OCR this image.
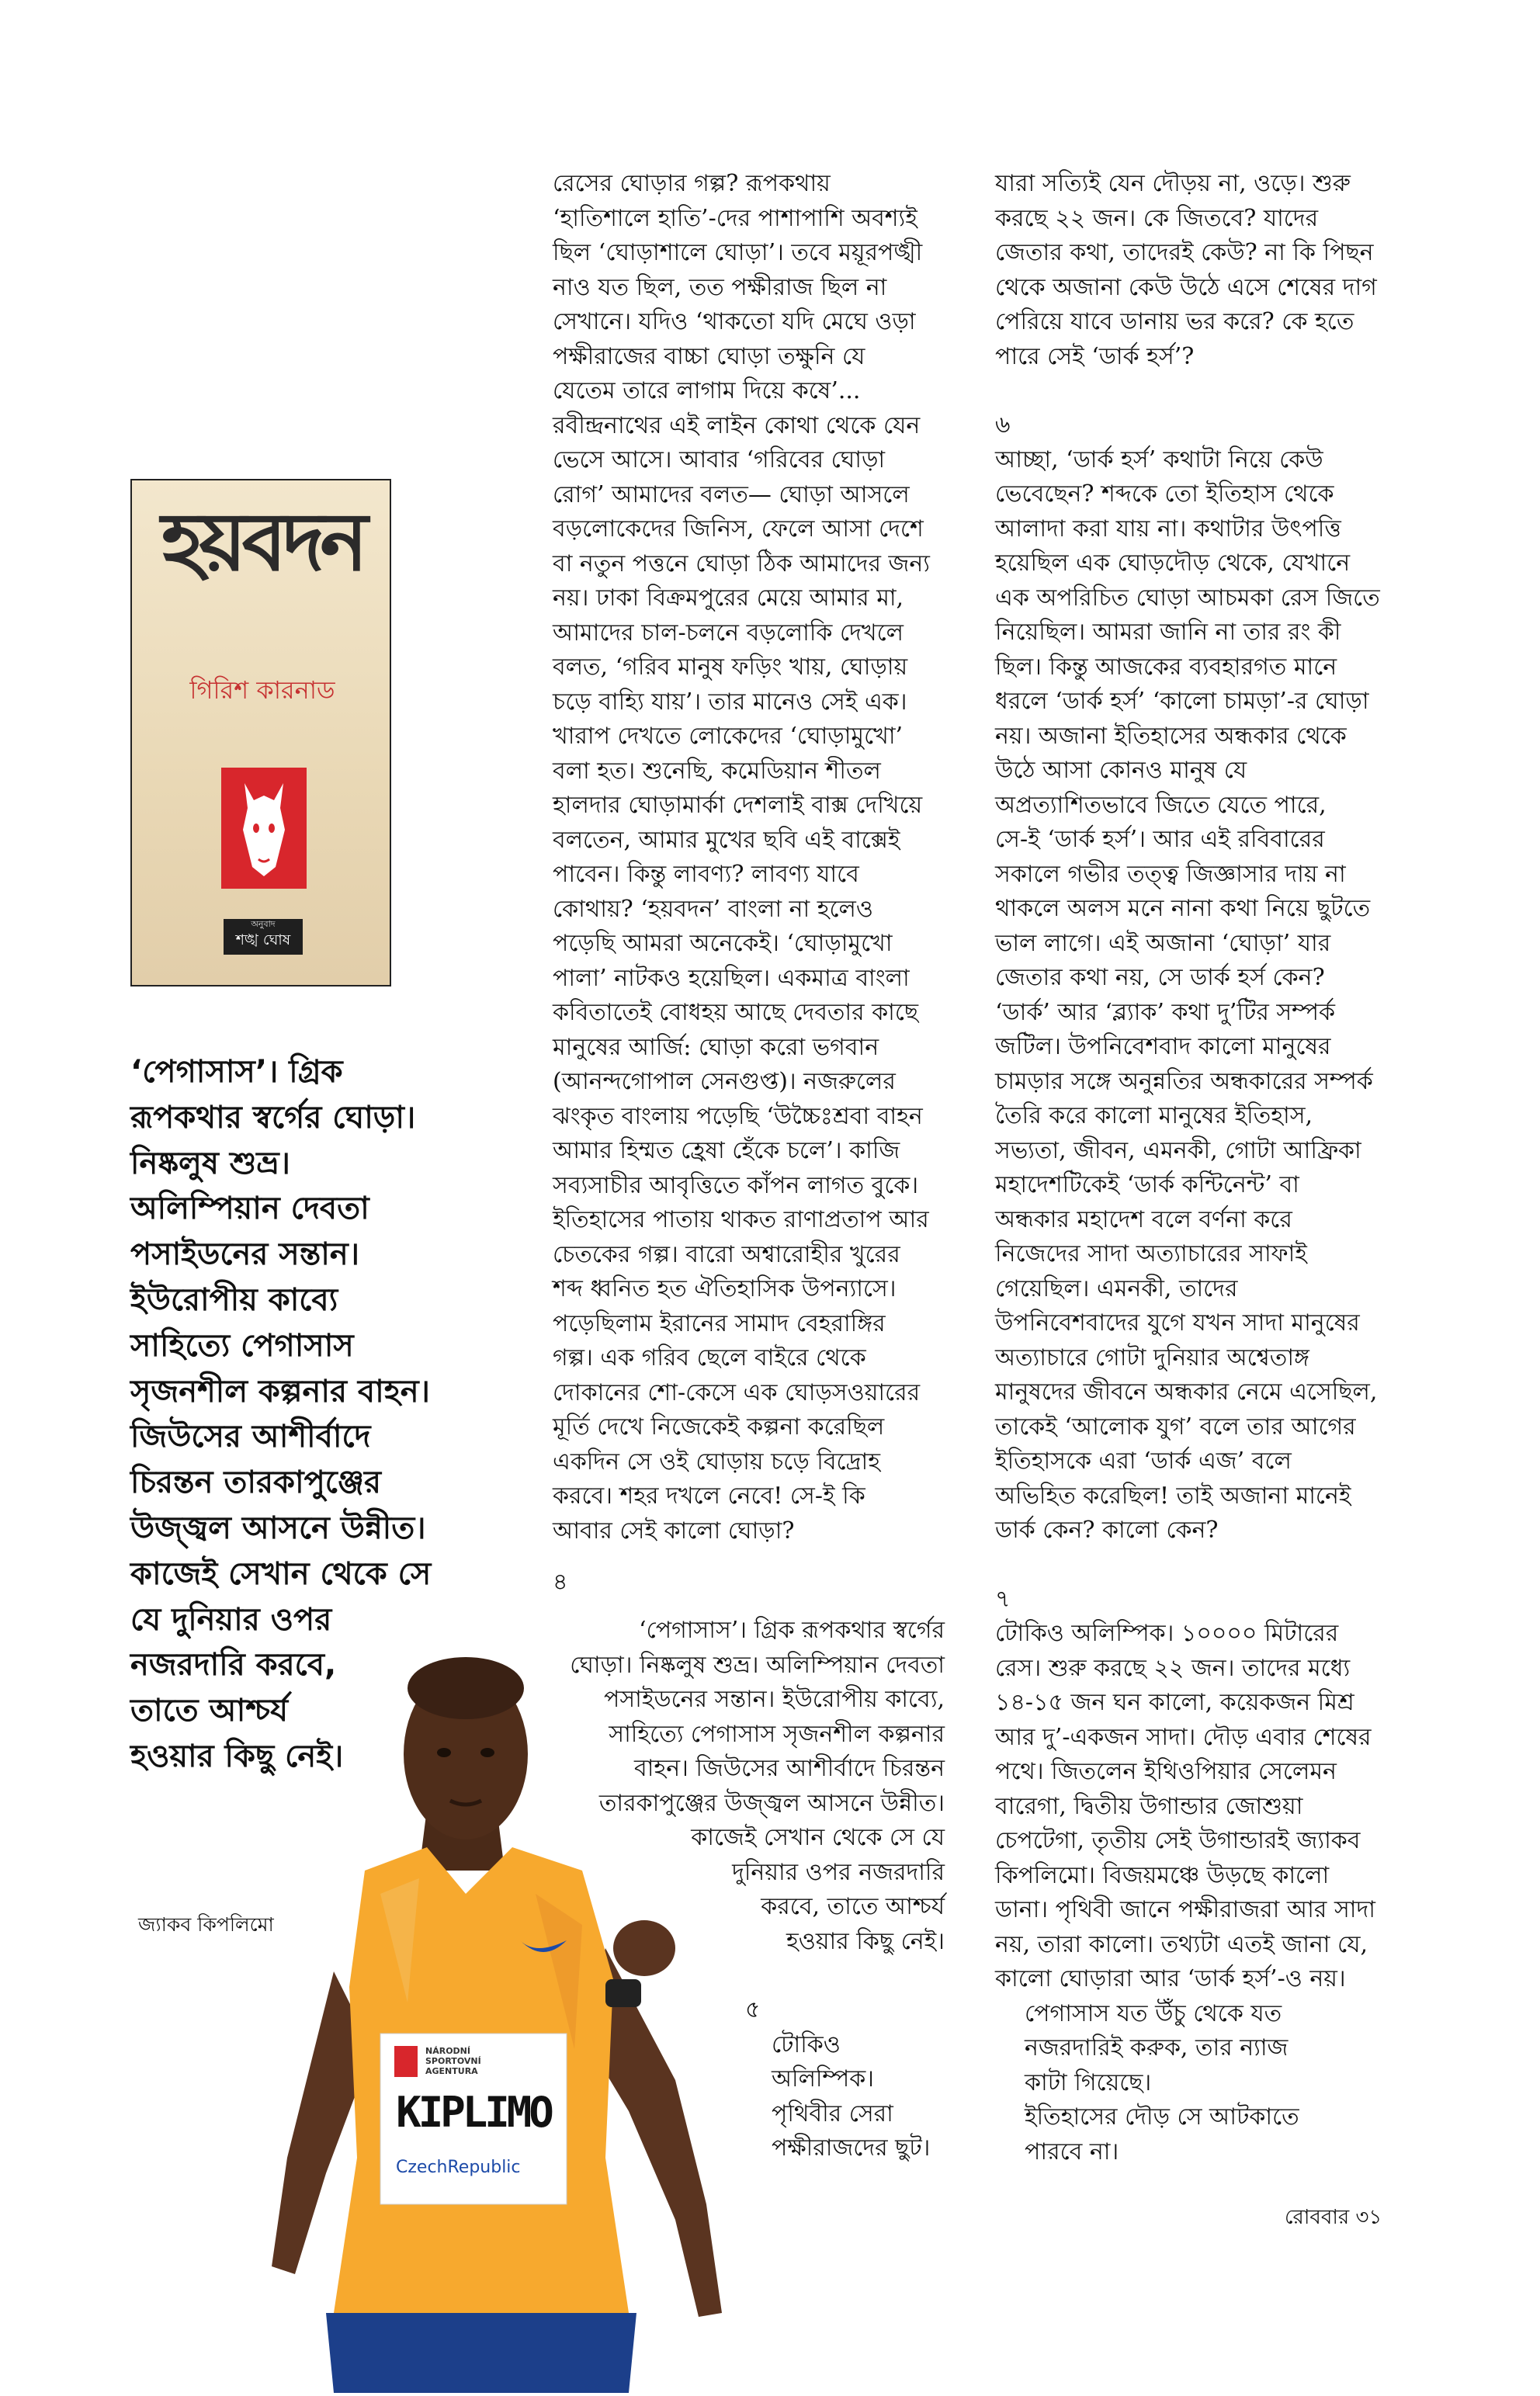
রেসের ঘোড়ার গল্প? রূপকথায়
‘হাতিশালে হাতি’-দের পাশাপাশি অবশ্যই
ছিল ‘ঘোড়াশালে ঘোড়া’। তবে ময়ূরপঙ্খী
নাও যত ছিল, তত পক্ষীরাজ ছিল না
সেখানে। যদিও ‘থাকতো যদি মেঘে ওড়া
পক্ষীরাজের বাচ্চা ঘোড়া তক্ষুনি যে
যেতেম তারে লাগাম দিয়ে কষে’...
রবীন্দ্রনাথের এই লাইন কোথা থেকে যেন
ভেসে আসে। আবার ‘গরিবের ঘোড়া
রোগ’ আমাদের বলত— ঘোড়া আসলে
বড়লোকেদের জিনিস, ফেলে আসা দেশে
বা নতুন পত্তনে ঘোড়া ঠিক আমাদের জন্য
নয়। ঢাকা বিক্রমপুরের মেয়ে আমার মা,
আমাদের চাল-চলনে বড়লোকি দেখলে
বলত, ‘গরিব মানুষ ফড়িং খায়, ঘোড়ায়
চড়ে বাহ্যি যায়’। তার মানেও সেই এক।
খারাপ দেখতে লোকেদের ‘ঘোড়ামুখো’
বলা হত। শুনেছি, কমেডিয়ান শীতল
হালদার ঘোড়ামার্কা দেশলাই বাক্স দেখিয়ে
বলতেন, আমার মুখের ছবি এই বাক্সেই
পাবেন। কিন্তু লাবণ্য? লাবণ্য যাবে
কোথায়? ‘হয়বদন’ বাংলা না হলেও
পড়েছি আমরা অনেকেই। ‘ঘোড়ামুখো
পালা’ নাটকও হয়েছিল। একমাত্র বাংলা
কবিতাতেই বোধহয় আছে দেবতার কাছে
মানুষের আর্জি: ঘোড়া করো ভগবান
(আনন্দগোপাল সেনগুপ্ত)। নজরুলের
ঝংকৃত বাংলায় পড়েছি ‘উচ্চৈঃশ্রবা বাহন
আমার হিম্মত হ্রেষা হেঁকে চলে’। কাজি
সব্যসাচীর আবৃত্তিতে কাঁপন লাগত বুকে।
ইতিহাসের পাতায় থাকত রাণাপ্রতাপ আর
চেতকের গল্প। বারো অশ্বারোহীর খুরের
শব্দ ধ্বনিত হত ঐতিহাসিক উপন্যাসে।
পড়েছিলাম ইরানের সামাদ বেহরাঙ্গির
গল্প। এক গরিব ছেলে বাইরে থেকে
দোকানের শো-কেসে এক ঘোড়সওয়ারের
মূর্তি দেখে নিজেকেই কল্পনা করেছিল
একদিন সে ওই ঘোড়ায় চড়ে বিদ্রোহ
করবে। শহর দখলে নেবে! সে-ই কি
আবার সেই কালো ঘোড়া?

৪

‘পেগাসাস’। গ্রিক রূপকথার স্বর্গের
ঘোড়া। নিষ্কলুষ শুভ্র। অলিম্পিয়ান দেবতা
পসাইডনের সন্তান। ইউরোপীয় কাব্যে,
সাহিত্যে পেগাসাস সৃজনশীল কল্পনার
বাহন। জিউসের আশীর্বাদে চিরন্তন
তারকাপুঞ্জের উজ্জ্বল আসনে উন্নীত।
কাজেই সেখান থেকে সে যে
দুনিয়ার ওপর নজরদারি
করবে, তাতে আশ্চর্য
হওয়ার কিছু নেই।
৫
টোকিও
অলিম্পিক।
পৃথিবীর সেরা
পক্ষীরাজদের ছুট।
যারা সত্যিই যেন দৌড়য় না, ওড়ে। শুরু
করছে ২২ জন। কে জিতবে? যাদের
জেতার কথা, তাদেরই কেউ? না কি পিছন
থেকে অজানা কেউ উঠে এসে শেষের দাগ
পেরিয়ে যাবে ডানায় ভর করে? কে হতে
পারে সেই ‘ডার্ক হর্স’?

৬

আচ্ছা, ‘ডার্ক হর্স’ কথাটা নিয়ে কেউ
ভেবেছেন? শব্দকে তো ইতিহাস থেকে
আলাদা করা যায় না। কথাটার উৎপত্তি
হয়েছিল এক ঘোড়দৌড় থেকে, যেখানে
এক অপরিচিত ঘোড়া আচমকা রেস জিতে
নিয়েছিল। আমরা জানি না তার রং কী
ছিল। কিন্তু আজকের ব্যবহারগত মানে
ধরলে ‘ডার্ক হর্স’ ‘কালো চামড়া’-র ঘোড়া
নয়। অজানা ইতিহাসের অন্ধকার থেকে
উঠে আসা কোনও মানুষ যে
অপ্রত্যাশিতভাবে জিতে যেতে পারে,
সে-ই ‘ডার্ক হর্স’। আর এই রবিবারের
সকালে গভীর তত্ত্ব জিজ্ঞাসার দায় না
থাকলে অলস মনে নানা কথা নিয়ে ছুটতে
ভাল লাগে। এই অজানা ‘ঘোড়া’ যার
জেতার কথা নয়, সে ডার্ক হর্স কেন?
‘ডার্ক’ আর ‘ব্ল্যাক’ কথা দু’টির সম্পর্ক
জটিল। উপনিবেশবাদ কালো মানুষের
চামড়ার সঙ্গে অনুন্নতির অন্ধকারের সম্পর্ক
তৈরি করে কালো মানুষের ইতিহাস,
সভ্যতা, জীবন, এমনকী, গোটা আফ্রিকা
মহাদেশটিকেই ‘ডার্ক কন্টিনেন্ট’ বা
অন্ধকার মহাদেশ বলে বর্ণনা করে
নিজেদের সাদা অত্যাচারের সাফাই
গেয়েছিল। এমনকী, তাদের
উপনিবেশবাদের যুগে যখন সাদা মানুষের
অত্যাচারে গোটা দুনিয়ার অশ্বেতাঙ্গ
মানুষদের জীবনে অন্ধকার নেমে এসেছিল,
তাকেই ‘আলোক যুগ’ বলে তার আগের
ইতিহাসকে এরা ‘ডার্ক এজ’ বলে
অভিহিত করেছিল! তাই অজানা মানেই
ডার্ক কেন? কালো কেন?

৭

টোকিও অলিম্পিক। ১০০০০ মিটারের
রেস। শুরু করছে ২২ জন। তাদের মধ্যে
১৪-১৫ জন ঘন কালো, কয়েকজন মিশ্র
আর দু’-একজন সাদা। দৌড় এবার শেষের
পথে। জিতলেন ইথিওপিয়ার সেলেমন
বারেগা, দ্বিতীয় উগান্ডার জোশুয়া
চেপটেগা, তৃতীয় সেই উগান্ডারই জ্যাকব
কিপলিমো। বিজয়মঞ্চে উড়ছে কালো
ডানা। পৃথিবী জানে পক্ষীরাজরা আর সাদা
নয়, তারা কালো। তথ্যটা এতই জানা যে,
কালো ঘোড়ারা আর ‘ডার্ক হর্স’-ও নয়।
পেগাসাস যত উঁচু থেকে যত
নজরদারিই করুক, তার ন্যাজ
কাটা গিয়েছে।
ইতিহাসের দৌড় সে আটকাতে
পারবে না।
হয়বদন
গিরিশ কারনাড
অনুবাদ
শঙ্খ ঘোষ
‘পেগাসাস’। গ্রিক
রূপকথার স্বর্গের ঘোড়া।
নিষ্কলুষ শুভ্র।
অলিম্পিয়ান দেবতা
পসাইডনের সন্তান।
ইউরোপীয় কাব্যে
সাহিত্যে পেগাসাস
সৃজনশীল কল্পনার বাহন।
জিউসের আশীর্বাদে
চিরন্তন তারকাপুঞ্জের
উজ্জ্বল আসনে উন্নীত।
কাজেই সেখান থেকে সে
যে দুনিয়ার ওপর
নজরদারি করবে,
তাতে আশ্চর্য
হওয়ার কিছু নেই।
জ্যাকব কিপলিমো
NÁRODNÍ
SPORTOVNÍ
AGENTURA
KIPLIMO
CzechRepublic
রোববার ৩১
